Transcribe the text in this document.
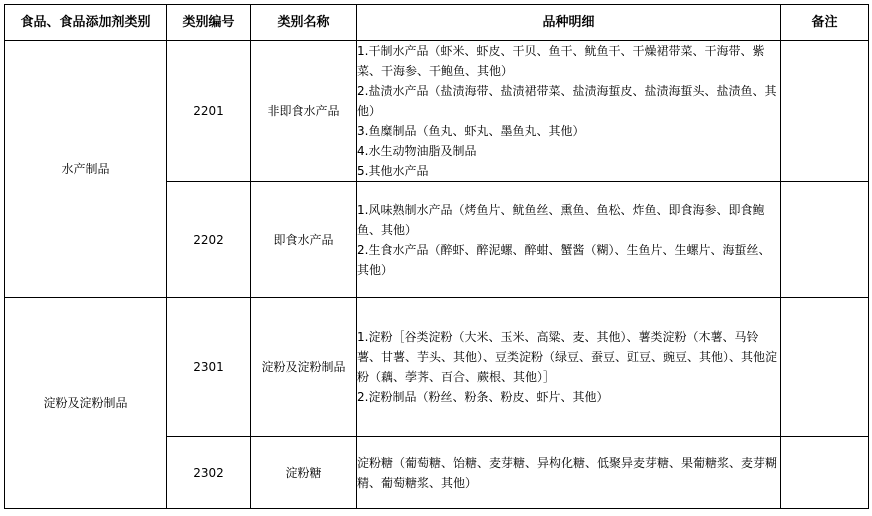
食品、食品添加剂类别	类别编号	类别名称	品种明细	备注
水产制品	2201	非即食水产品	1.干制水产品（虾米、虾皮、干贝、鱼干、鱿鱼干、干燥裙带菜、干海带、紫菜、干海参、干鲍鱼、其他）
2.盐渍水产品（盐渍海带、盐渍裙带菜、盐渍海蜇皮、盐渍海蜇头、盐渍鱼、其他）
3.鱼糜制品（鱼丸、虾丸、墨鱼丸、其他）
4.水生动物油脂及制品
5.其他水产品	

	2202	即食水产品	1.风味熟制水产品（烤鱼片、鱿鱼丝、熏鱼、鱼松、炸鱼、即食海参、即食鲍鱼、其他）
2.生食水产品（醉虾、醉泥螺、醉蚶、蟹酱（糊）、生鱼片、生螺片、海蜇丝、其他）	

淀粉及淀粉制品	2301	淀粉及淀粉制品	1.淀粉［谷类淀粉（大米、玉米、高粱、麦、其他）、薯类淀粉（木薯、马铃薯、甘薯、芋头、其他）、豆类淀粉（绿豆、蚕豆、豇豆、豌豆、其他）、其他淀粉（藕、荸荠、百合、蕨根、其他）］
2.淀粉制品（粉丝、粉条、粉皮、虾片、其他）	

	2302	淀粉糖	淀粉糖（葡萄糖、饴糖、麦芽糖、异构化糖、低聚异麦芽糖、果葡糖浆、麦芽糊精、葡萄糖浆、其他）	
